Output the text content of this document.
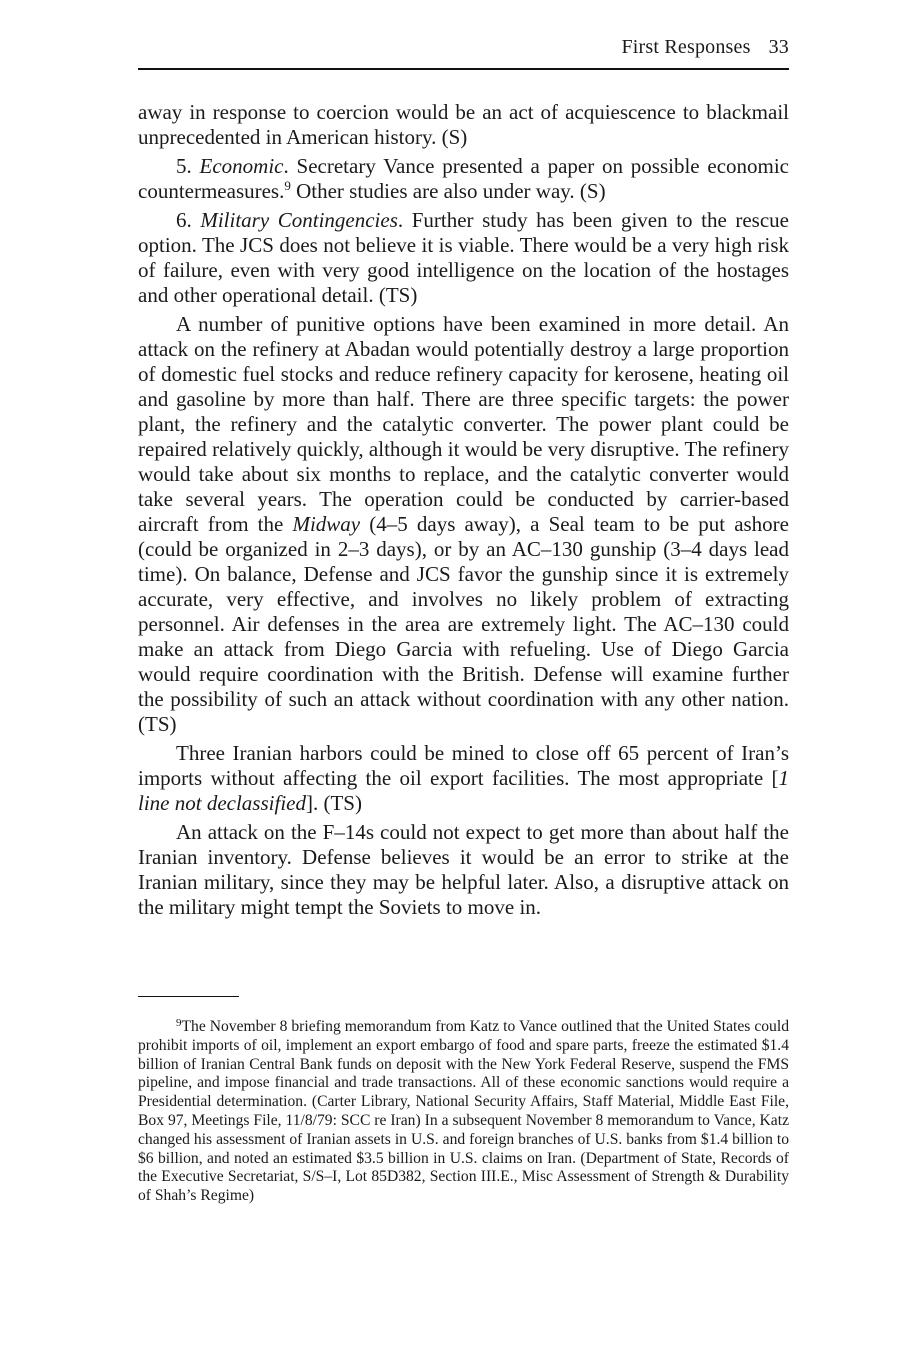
First Responses 33

away in response to coercion would be an act of acquiescence to blackmail unprecedented in American history. (S)

5. Economic. Secretary Vance presented a paper on possible economic countermeasures.$^9$ Other studies are also under way. (S)

6. Military Contingencies. Further study has been given to the rescue option. The JCS does not believe it is viable. There would be a very high risk of failure, even with very good intelligence on the location of the hostages and other operational detail. (TS)

A number of punitive options have been examined in more detail. An attack on the refinery at Abadan would potentially destroy a large proportion of domestic fuel stocks and reduce refinery capacity for kerosene, heating oil and gasoline by more than half. There are three specific targets: the power plant, the refinery and the catalytic converter. The power plant could be repaired relatively quickly, although it would be very disruptive. The refinery would take about six months to replace, and the catalytic converter would take several years. The operation could be conducted by carrier-based aircraft from the Midway (4–5 days away), a Seal team to be put ashore (could be organized in 2–3 days), or by an AC–130 gunship (3–4 days lead time). On balance, Defense and JCS favor the gunship since it is extremely accurate, very effective, and involves no likely problem of extracting personnel. Air defenses in the area are extremely light. The AC–130 could make an attack from Diego Garcia with refueling. Use of Diego Garcia would require coordination with the British. Defense will examine further the possibility of such an attack without coordination with any other nation. (TS)

Three Iranian harbors could be mined to close off 65 percent of Iran’s imports without affecting the oil export facilities. The most appropriate [1 line not declassified]. (TS)

An attack on the F–14s could not expect to get more than about half the Iranian inventory. Defense believes it would be an error to strike at the Iranian military, since they may be helpful later. Also, a disruptive attack on the military might tempt the Soviets to move in.

$^9$The November 8 briefing memorandum from Katz to Vance outlined that the United States could prohibit imports of oil, implement an export embargo of food and spare parts, freeze the estimated $1.4 billion of Iranian Central Bank funds on deposit with the New York Federal Reserve, suspend the FMS pipeline, and impose financial and trade transactions. All of these economic sanctions would require a Presidential determination. (Carter Library, National Security Affairs, Staff Material, Middle East File, Box 97, Meetings File, 11/8/79: SCC re Iran) In a subsequent November 8 memorandum to Vance, Katz changed his assessment of Iranian assets in U.S. and foreign branches of U.S. banks from $1.4 billion to $6 billion, and noted an estimated $3.5 billion in U.S. claims on Iran. (Department of State, Records of the Executive Secretariat, S/S–I, Lot 85D382, Section III.E., Misc Assessment of Strength & Durability of Shah’s Regime)
